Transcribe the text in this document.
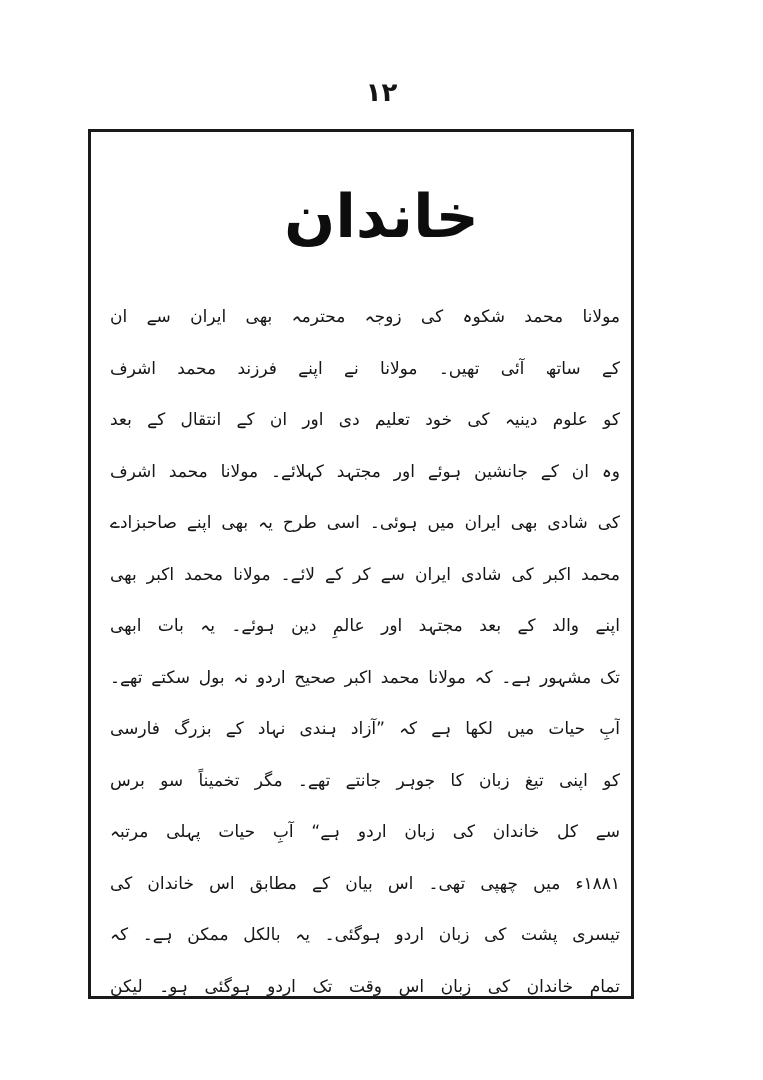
١٢
خاندان
مولانا محمد شکوہ کی زوجہ محترمہ بھی ایران سے ان
کے ساتھ آئی تھیں۔ مولانا نے اپنے فرزند محمد اشرف
کو علوم دینیہ کی خود تعلیم دی اور ان کے انتقال کے بعد
وہ ان کے جانشین ہوئے اور مجتہد کہلائے۔ مولانا محمد اشرف
کی شادی بھی ایران میں ہوئی۔ اسی طرح یہ بھی اپنے صاحبزادے
محمد اکبر کی شادی ایران سے کر کے لائے۔ مولانا محمد اکبر بھی
اپنے والد کے بعد مجتہد اور عالمِ دین ہوئے۔ یہ بات ابھی
تک مشہور ہے۔ کہ مولانا محمد اکبر صحیح اردو نہ بول سکتے تھے۔
آبِ حیات میں لکھا ہے کہ ”آزاد ہندی نہاد کے بزرگ فارسی
کو اپنی تیغ زبان کا جوہر جانتے تھے۔ مگر تخمیناً سو برس
سے کل خاندان کی زبان اردو ہے“ آبِ حیات پہلی مرتبہ
۱۸۸۱ء میں چھپی تھی۔ اس بیان کے مطابق اس خاندان کی
تیسری پشت کی زبان اردو ہوگئی۔ یہ بالکل ممکن ہے۔ کہ
تمام خاندان کی زبان اس وقت تک اردو ہوگئی ہو۔ لیکن
